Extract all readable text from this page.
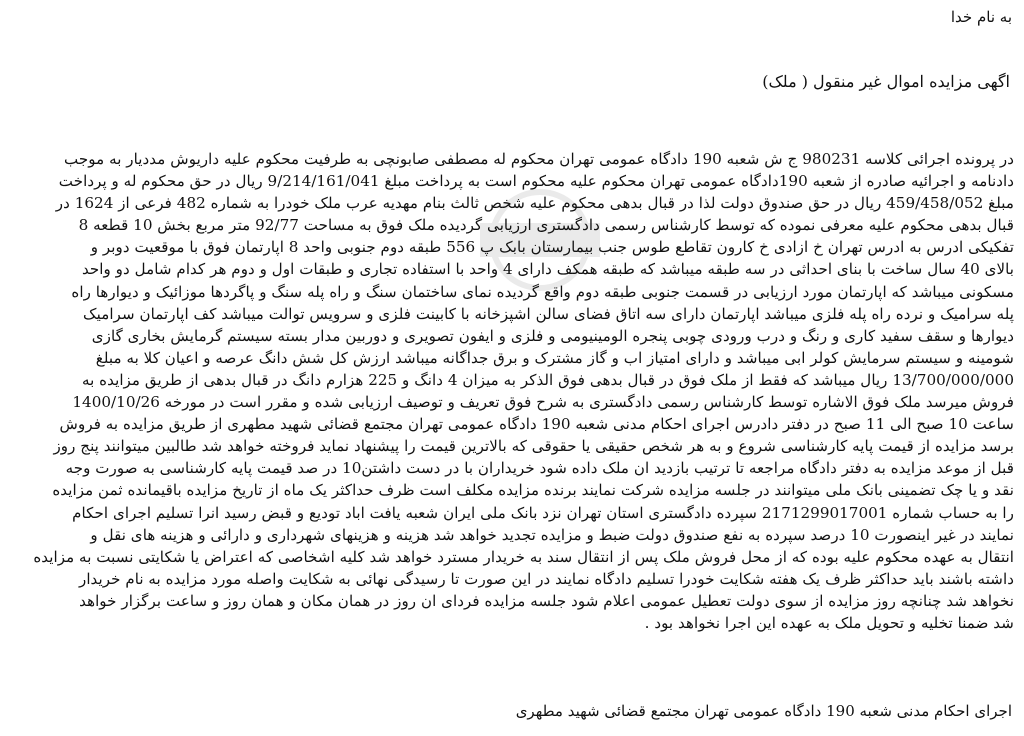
به نام خدا
اگهی مزایده اموال غیر منقول ( ملک)

در پرونده اجرائی کلاسه 980231 ج ش شعبه 190 دادگاه عمومی تهران محکوم له مصطفی صابونچی به طرفیت محکوم علیه داریوش مددیار به موجب

دادنامه و اجرائیه صادره از شعبه 190دادگاه عمومی تهران محکوم علیه محکوم است به پرداخت مبلغ 9/214/161/041 ریال در حق محکوم له و پرداخت

مبلغ 459/458/052 ریال در حق صندوق دولت لذا در قبال بدهی محکوم علیه شخص ثالث بنام مهدیه عرب ملک خودرا به شماره 482 فرعی از 1624 در

قبال بدهی محکوم علیه معرفی نموده که توسط کارشناس رسمی دادگستری ارزیابی گردیده ملک فوق به مساحت 92/77 متر مربع بخش 10 قطعه 8

تفکیکی ادرس به ادرس تهران خ ازادی خ کارون تقاطع طوس جنب بیمارستان بابک پ 556 طبقه دوم جنوبی واحد 8 اپارتمان فوق با موقعیت دوبر و

بالای 40 سال ساخت با بنای احداثی در سه طبقه میباشد که طبقه همکف دارای 4 واحد با استفاده تجاری و طبقات اول و دوم هر کدام شامل دو واحد

مسکونی میباشد که اپارتمان مورد ارزیابی در قسمت جنوبی طبقه دوم واقع گردیده نمای ساختمان سنگ و راه پله سنگ و پاگردها موزائیک و دیوارها راه

پله سرامیک و نرده راه پله فلزی میباشد اپارتمان دارای سه اتاق فضای سالن اشپزخانه با کابینت فلزی و سرویس توالت میباشد کف اپارتمان سرامیک

دیوارها و سقف سفید کاری و رنگ و درب ورودی چوبی پنجره الومینیومی و فلزی و ایفون تصویری و دوربین مدار بسته سیستم گرمایش بخاری گازی

شومینه و سیستم سرمایش کولر ابی میباشد و دارای امتیاز اب و گاز مشترک و برق جداگانه میباشد ارزش کل شش دانگ عرصه و اعیان کلا به مبلغ

13/700/000/000 ریال میباشد که فقط از ملک فوق در قبال بدهی فوق الذکر به میزان 4 دانگ و 225 هزارم دانگ در قبال بدهی از طریق مزایده به

فروش میرسد ملک فوق الاشاره توسط کارشناس رسمی دادگستری به شرح فوق تعریف و توصیف ارزیابی شده و مقرر است در مورخه 1400/10/26

ساعت 10 صبح الی 11 صبح در دفتر دادرس اجرای احکام مدنی شعبه 190 دادگاه عمومی تهران مجتمع قضائی شهید مطهری از طریق مزایده به فروش

برسد مزایده از قیمت پایه کارشناسی شروع و به هر شخص حقیقی یا حقوقی که بالاترین قیمت را پیشنهاد نماید فروخته خواهد شد طالبین میتوانند پنج روز

قبل از موعد مزایده به دفتر دادگاه مراجعه تا ترتیب بازدید ان ملک داده شود خریداران با در دست داشتن10 در صد قیمت پایه کارشناسی به صورت وجه

نقد و یا چک تضمینی بانک ملی میتوانند در جلسه مزایده شرکت نمایند برنده مزایده مکلف است ظرف حداکثر یک ماه از تاریخ مزایده باقیمانده ثمن مزایده

را به حساب شماره 2171299017001 سپرده دادگستری استان تهران نزد بانک ملی ایران شعبه یافت اباد تودیع و قبض رسید انرا تسلیم اجرای احکام

نمایند در غیر اینصورت 10 درصد سپرده به نفع صندوق دولت ضبط و مزایده تجدید خواهد شد هزینه و هزینهای شهرداری و دارائی و هزینه های نقل و

انتقال به عهده محکوم علیه بوده که از محل فروش ملک پس از انتقال سند به خریدار مسترد خواهد شد کلیه اشخاصی که اعتراض یا شکایتی نسبت به مزایده

داشته باشند باید حداکثر ظرف یک هفته شکایت خودرا تسلیم دادگاه نمایند در این صورت تا رسیدگی نهائی به شکایت واصله مورد مزایده به نام خریدار

نخواهد شد چنانچه روز مزایده از سوی دولت تعطیل عمومی اعلام شود جلسه مزایده فردای ان روز در همان مکان و همان روز و ساعت برگزار خواهد

شد ضمنا تخلیه و تحویل ملک به عهده این اجرا نخواهد بود .

اجرای احکام مدنی شعبه 190 دادگاه عمومی تهران مجتمع قضائی شهید مطهری
